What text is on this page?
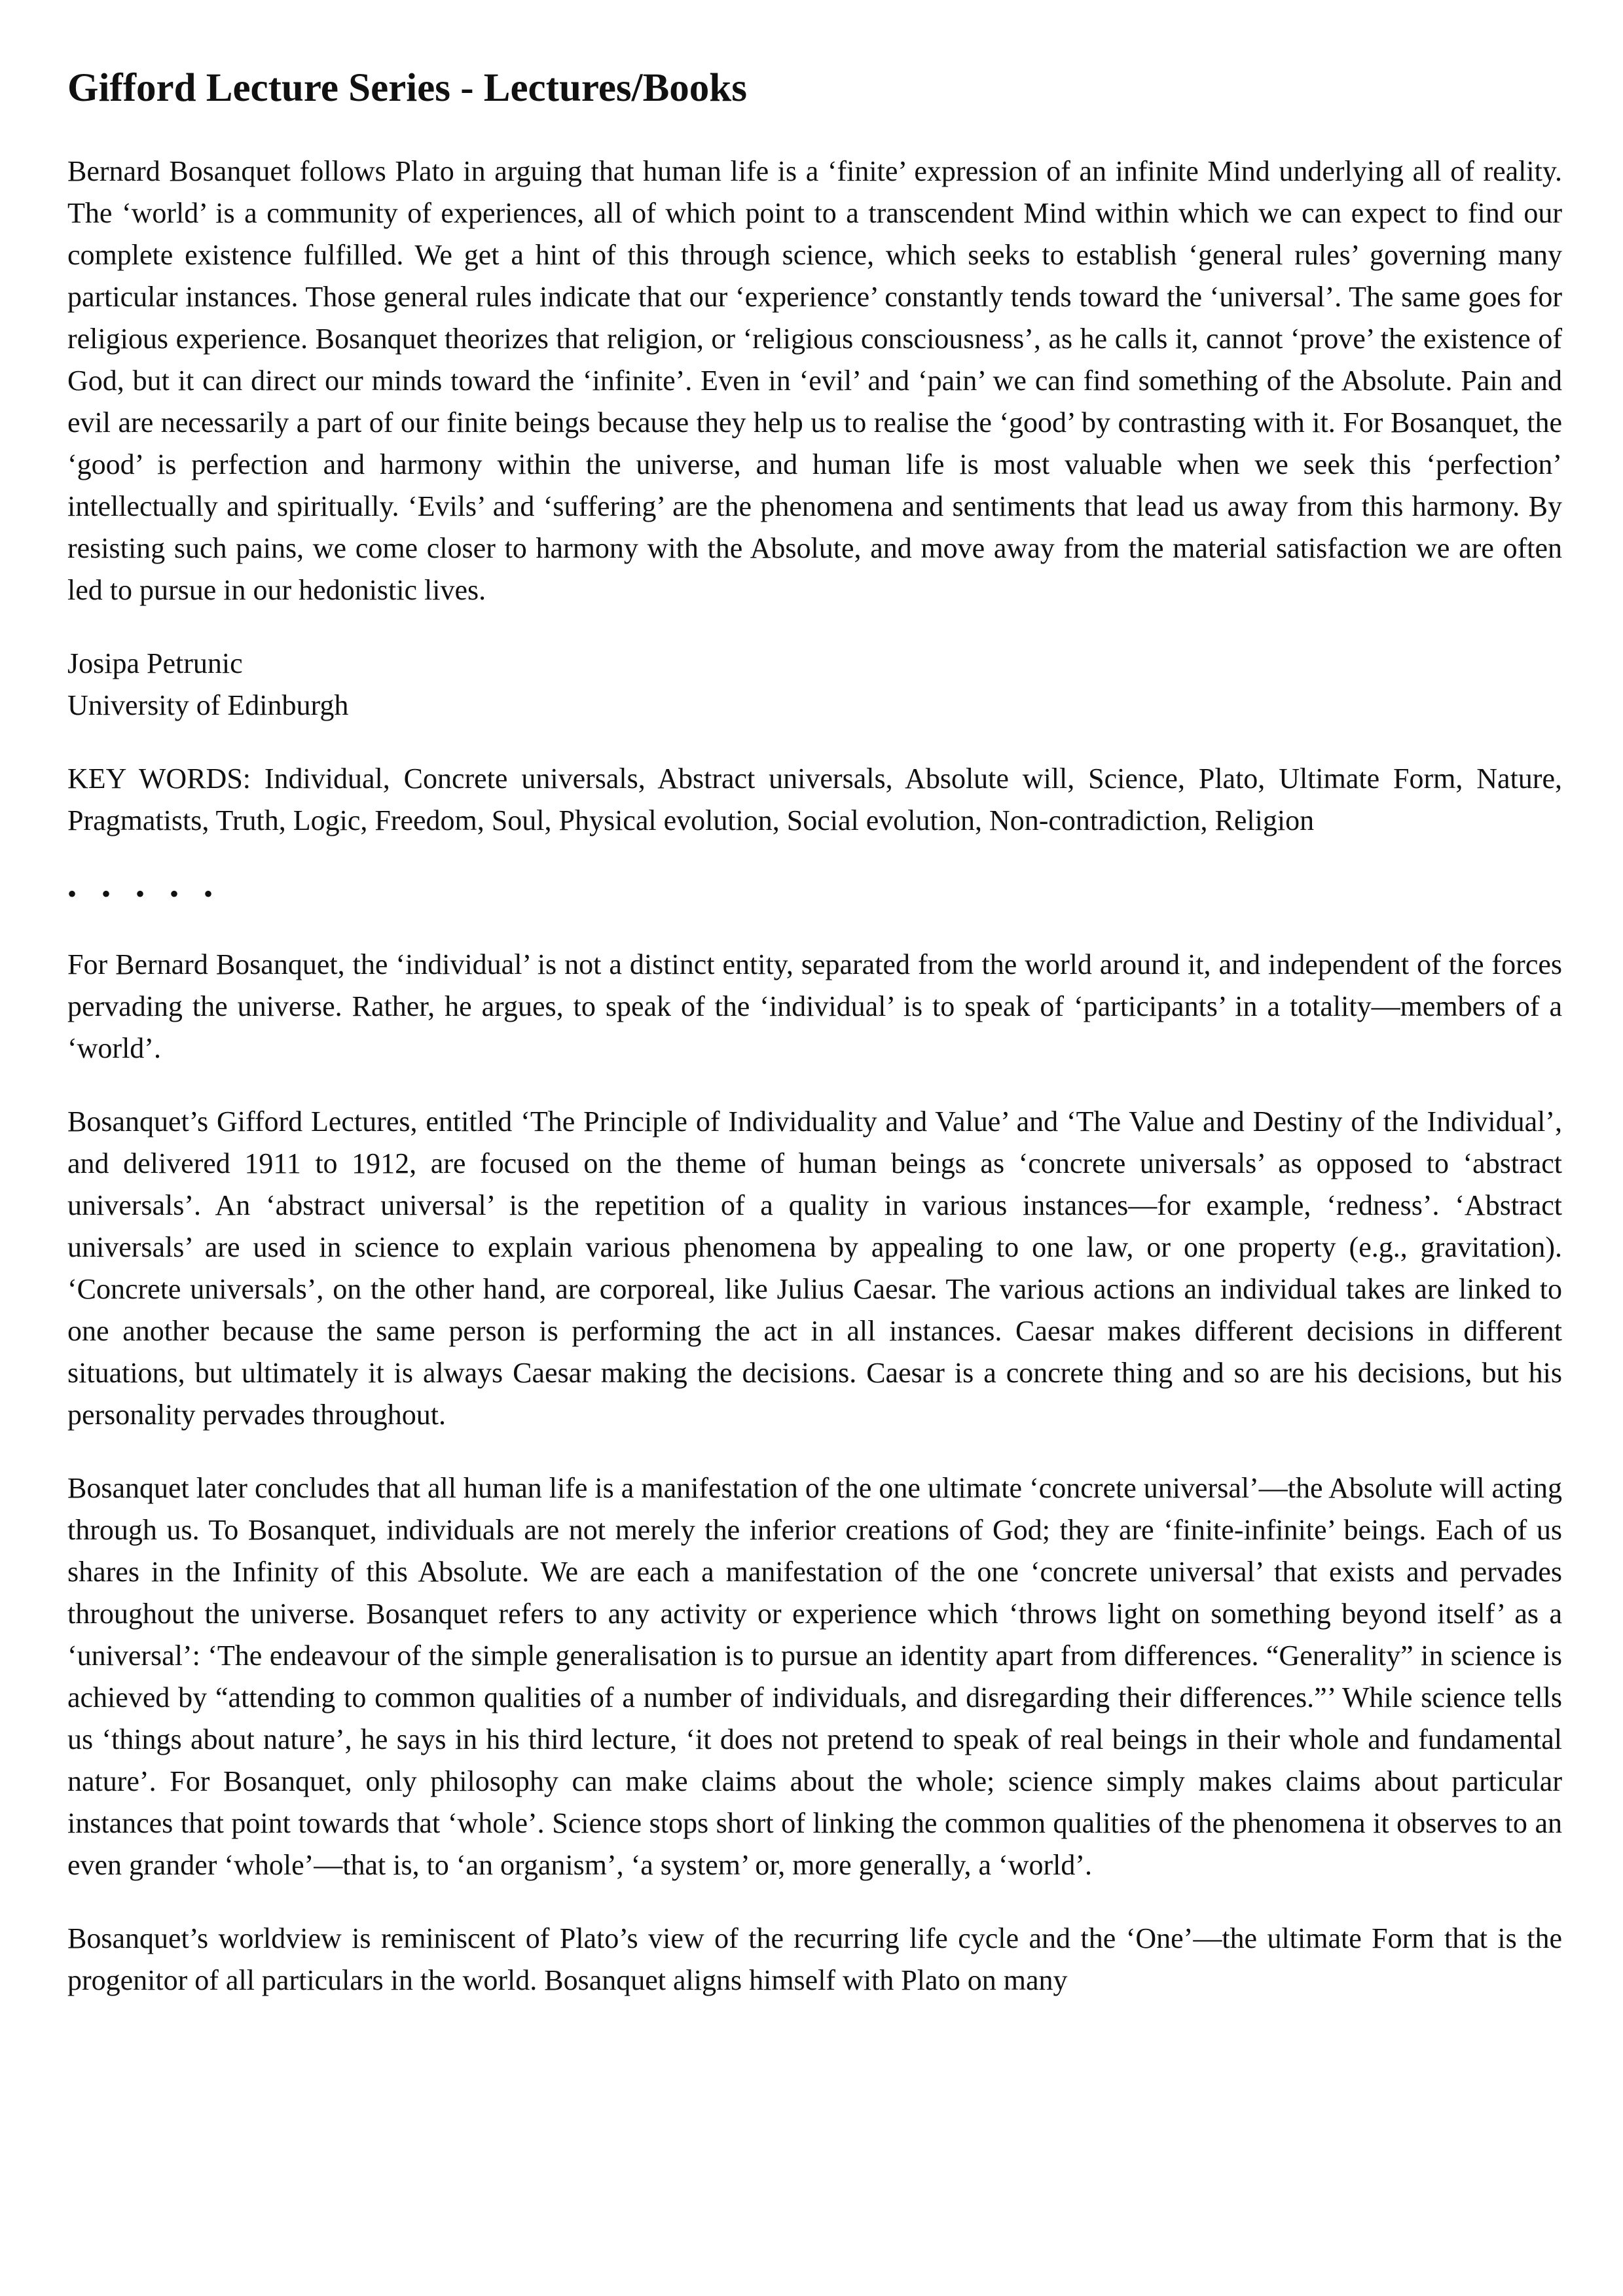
Gifford Lecture Series - Lectures/Books

Bernard Bosanquet follows Plato in arguing that human life is a ‘finite’ expression of an infinite Mind underlying all of reality. The ‘world’ is a community of experiences, all of which point to a transcendent Mind within which we can expect to find our complete existence fulfilled. We get a hint of this through science, which seeks to establish ‘general rules’ governing many particular instances. Those general rules indicate that our ‘experience’ constantly tends toward the ‘universal’. The same goes for religious experience. Bosanquet theorizes that religion, or ‘religious consciousness’, as he calls it, cannot ‘prove’ the existence of God, but it can direct our minds toward the ‘infinite’. Even in ‘evil’ and ‘pain’ we can find something of the Absolute. Pain and evil are necessarily a part of our finite beings because they help us to realise the ‘good’ by contrasting with it. For Bosanquet, the ‘good’ is perfection and harmony within the universe, and human life is most valuable when we seek this ‘perfection’ intellectually and spiritually. ‘Evils’ and ‘suffering’ are the phenomena and sentiments that lead us away from this harmony. By resisting such pains, we come closer to harmony with the Absolute, and move away from the material satisfaction we are often led to pursue in our hedonistic lives.

Josipa Petrunic
University of Edinburgh

KEY WORDS: Individual, Concrete universals, Abstract universals, Absolute will, Science, Plato, Ultimate Form, Nature, Pragmatists, Truth, Logic, Freedom, Soul, Physical evolution, Social evolution, Non-contradiction, Religion

• • • • •

For Bernard Bosanquet, the ‘individual’ is not a distinct entity, separated from the world around it, and independent of the forces pervading the universe. Rather, he argues, to speak of the ‘individual’ is to speak of ‘participants’ in a totality—members of a ‘world’.

Bosanquet’s Gifford Lectures, entitled ‘The Principle of Individuality and Value’ and ‘The Value and Destiny of the Individual’, and delivered 1911 to 1912, are focused on the theme of human beings as ‘concrete universals’ as opposed to ‘abstract universals’. An ‘abstract universal’ is the repetition of a quality in various instances—for example, ‘redness’. ‘Abstract universals’ are used in science to explain various phenomena by appealing to one law, or one property (e.g., gravitation). ‘Concrete universals’, on the other hand, are corporeal, like Julius Caesar. The various actions an individual takes are linked to one another because the same person is performing the act in all instances. Caesar makes different decisions in different situations, but ultimately it is always Caesar making the decisions. Caesar is a concrete thing and so are his decisions, but his personality pervades throughout.

Bosanquet later concludes that all human life is a manifestation of the one ultimate ‘concrete universal’—the Absolute will acting through us. To Bosanquet, individuals are not merely the inferior creations of God; they are ‘finite-infinite’ beings. Each of us shares in the Infinity of this Absolute. We are each a manifestation of the one ‘concrete universal’ that exists and pervades throughout the universe. Bosanquet refers to any activity or experience which ‘throws light on something beyond itself’ as a ‘universal’: ‘The endeavour of the simple generalisation is to pursue an identity apart from differences. “Generality” in science is achieved by “attending to common qualities of a number of individuals, and disregarding their differences.”’ While science tells us ‘things about nature’, he says in his third lecture, ‘it does not pretend to speak of real beings in their whole and fundamental nature’. For Bosanquet, only philosophy can make claims about the whole; science simply makes claims about particular instances that point towards that ‘whole’. Science stops short of linking the common qualities of the phenomena it observes to an even grander ‘whole’—that is, to ‘an organism’, ‘a system’ or, more generally, a ‘world’.

Bosanquet’s worldview is reminiscent of Plato’s view of the recurring life cycle and the ‘One’—the ultimate Form that is the progenitor of all particulars in the world. Bosanquet aligns himself with Plato on many
